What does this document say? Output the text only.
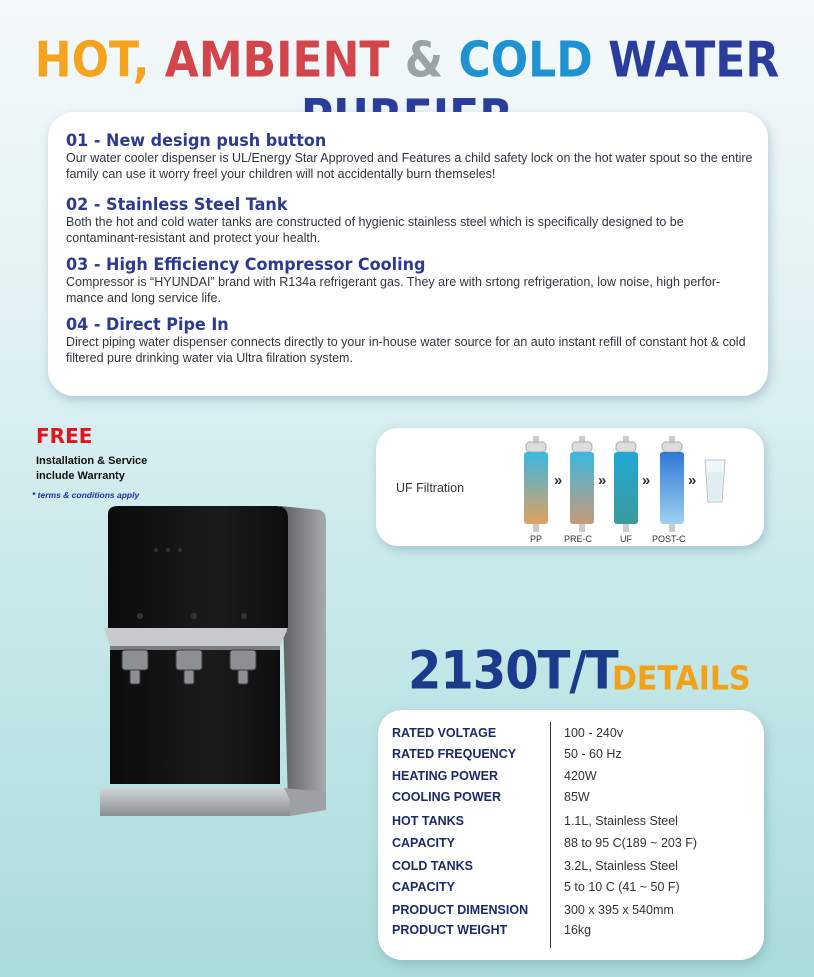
HOT, AMBIENT & COLD WATER
01 - New design push button

Our water cooler dispenser is UL/Energy Star Approved and Features a child safety lock on the hot water spout so the entire family can use it worry freel your children will not accidentally burn themseles!

02 - Stainless Steel Tank

Both the hot and cold water tanks are constructed of hygienic stainless steel which is specifically designed to be contaminant-resistant and protect your health.

03 - High Efficiency Compressor Cooling

Compressor is “HYUNDAI” brand with R134a refrigerant gas. They are with srtong refrigeration, low noise, high perfor-mance and long service life.

04 - Direct Pipe In

Direct piping water dispenser connects directly to your in-house water source for an auto instant refill of constant hot & cold filtered pure drinking water via Ultra filration system.

FREE
Installation & Service
include Warranty
* terms & conditions apply	UF Filtration
PP
»
PRE-C
»
UF
»
POST-C
»
2130T/T
DETAILS
RATED VOLTAGE	100 - 240v
RATED FREQUENCY	50 - 60 Hz
HEATING POWER	420W
COOLING POWER	85W
HOT TANKS	1.1L, Stainless Steel
CAPACITY	88 to 95 C(189 ~ 203 F)
COLD TANKS	3.2L, Stainless Steel
CAPACITY	5 to 10 C (41 ~ 50 F)
PRODUCT DIMENSION	300 x 395 x 540mm
PRODUCT WEIGHT	16kg
